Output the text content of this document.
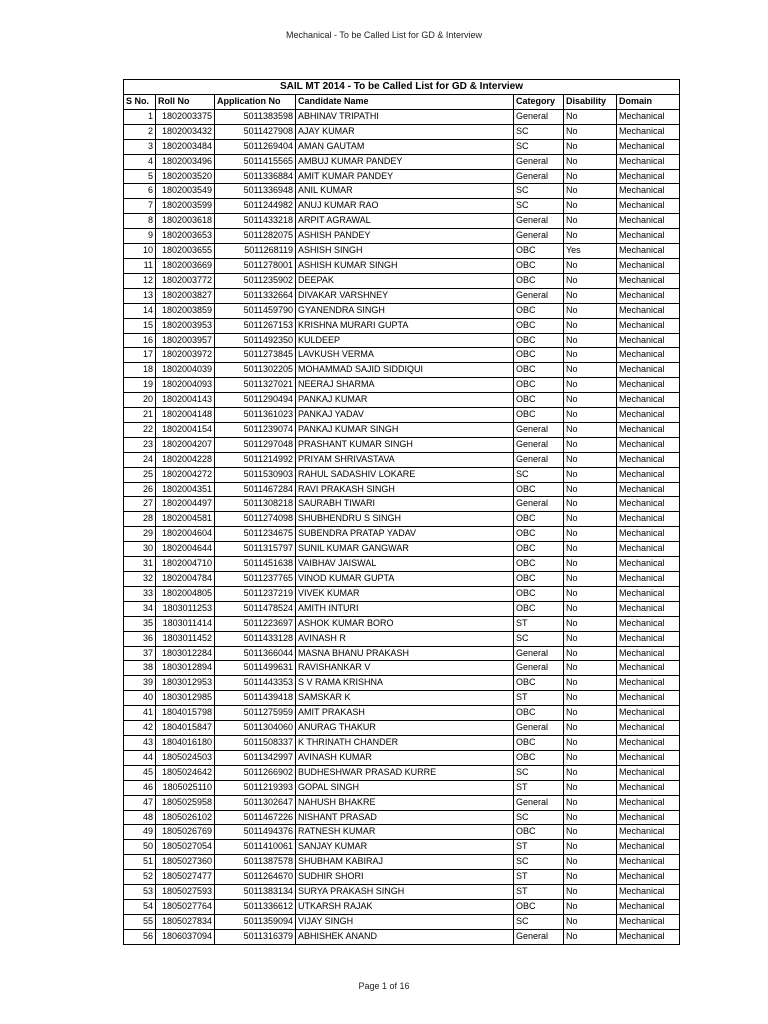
Mechanical - To be Called List for GD & Interview
SAIL MT 2014 - To be Called List for GD & Interview						
S No.	Roll No	Application No	Candidate Name	Category	Disability	Domain
1	1802003375	5011383598	ABHINAV TRIPATHI	General	No	Mechanical
2	1802003432	5011427908	AJAY KUMAR	SC	No	Mechanical
3	1802003484	5011269404	AMAN GAUTAM	SC	No	Mechanical
4	1802003496	5011415565	AMBUJ KUMAR PANDEY	General	No	Mechanical
5	1802003520	5011336884	AMIT KUMAR PANDEY	General	No	Mechanical
6	1802003549	5011336948	ANIL KUMAR	SC	No	Mechanical
7	1802003599	5011244982	ANUJ KUMAR RAO	SC	No	Mechanical
8	1802003618	5011433218	ARPIT AGRAWAL	General	No	Mechanical
9	1802003653	5011282075	ASHISH PANDEY	General	No	Mechanical
10	1802003655	5011268119	ASHISH SINGH	OBC	Yes	Mechanical
11	1802003669	5011278001	ASHISH KUMAR SINGH	OBC	No	Mechanical
12	1802003772	5011235902	DEEPAK	OBC	No	Mechanical
13	1802003827	5011332664	DIVAKAR VARSHNEY	General	No	Mechanical
14	1802003859	5011459790	GYANENDRA SINGH	OBC	No	Mechanical
15	1802003953	5011267153	KRISHNA MURARI GUPTA	OBC	No	Mechanical
16	1802003957	5011492350	KULDEEP	OBC	No	Mechanical
17	1802003972	5011273845	LAVKUSH VERMA	OBC	No	Mechanical
18	1802004039	5011302205	MOHAMMAD SAJID SIDDIQUI	OBC	No	Mechanical
19	1802004093	5011327021	NEERAJ SHARMA	OBC	No	Mechanical
20	1802004143	5011290494	PANKAJ KUMAR	OBC	No	Mechanical
21	1802004148	5011361023	PANKAJ YADAV	OBC	No	Mechanical
22	1802004154	5011239074	PANKAJ KUMAR SINGH	General	No	Mechanical
23	1802004207	5011297048	PRASHANT KUMAR SINGH	General	No	Mechanical
24	1802004228	5011214992	PRIYAM SHRIVASTAVA	General	No	Mechanical
25	1802004272	5011530903	RAHUL SADASHIV LOKARE	SC	No	Mechanical
26	1802004351	5011467284	RAVI PRAKASH SINGH	OBC	No	Mechanical
27	1802004497	5011308218	SAURABH TIWARI	General	No	Mechanical
28	1802004581	5011274098	SHUBHENDRU S SINGH	OBC	No	Mechanical
29	1802004604	5011234675	SUBENDRA PRATAP YADAV	OBC	No	Mechanical
30	1802004644	5011315797	SUNIL KUMAR GANGWAR	OBC	No	Mechanical
31	1802004710	5011451638	VAIBHAV JAISWAL	OBC	No	Mechanical
32	1802004784	5011237765	VINOD KUMAR GUPTA	OBC	No	Mechanical
33	1802004805	5011237219	VIVEK KUMAR	OBC	No	Mechanical
34	1803011253	5011478524	AMITH INTURI	OBC	No	Mechanical
35	1803011414	5011223697	ASHOK KUMAR BORO	ST	No	Mechanical
36	1803011452	5011433128	AVINASH R	SC	No	Mechanical
37	1803012284	5011366044	MASNA BHANU PRAKASH	General	No	Mechanical
38	1803012894	5011499631	RAVISHANKAR V	General	No	Mechanical
39	1803012953	5011443353	S V RAMA KRISHNA	OBC	No	Mechanical
40	1803012985	5011439418	SAMSKAR K	ST	No	Mechanical
41	1804015798	5011275959	AMIT PRAKASH	OBC	No	Mechanical
42	1804015847	5011304060	ANURAG THAKUR	General	No	Mechanical
43	1804016180	5011508337	K THRINATH CHANDER	OBC	No	Mechanical
44	1805024503	5011342997	AVINASH KUMAR	OBC	No	Mechanical
45	1805024642	5011266902	BUDHESHWAR PRASAD KURRE	SC	No	Mechanical
46	1805025110	5011219393	GOPAL SINGH	ST	No	Mechanical
47	1805025958	5011302647	NAHUSH BHAKRE	General	No	Mechanical
48	1805026102	5011467226	NISHANT PRASAD	SC	No	Mechanical
49	1805026769	5011494376	RATNESH KUMAR	OBC	No	Mechanical
50	1805027054	5011410061	SANJAY KUMAR	ST	No	Mechanical
51	1805027360	5011387578	SHUBHAM KABIRAJ	SC	No	Mechanical
52	1805027477	5011264670	SUDHIR SHORI	ST	No	Mechanical
53	1805027593	5011383134	SURYA PRAKASH SINGH	ST	No	Mechanical
54	1805027764	5011336612	UTKARSH RAJAK	OBC	No	Mechanical
55	1805027834	5011359094	VIJAY SINGH	SC	No	Mechanical
56	1806037094	5011316379	ABHISHEK ANAND	General	No	Mechanical
Page 1 of 16
